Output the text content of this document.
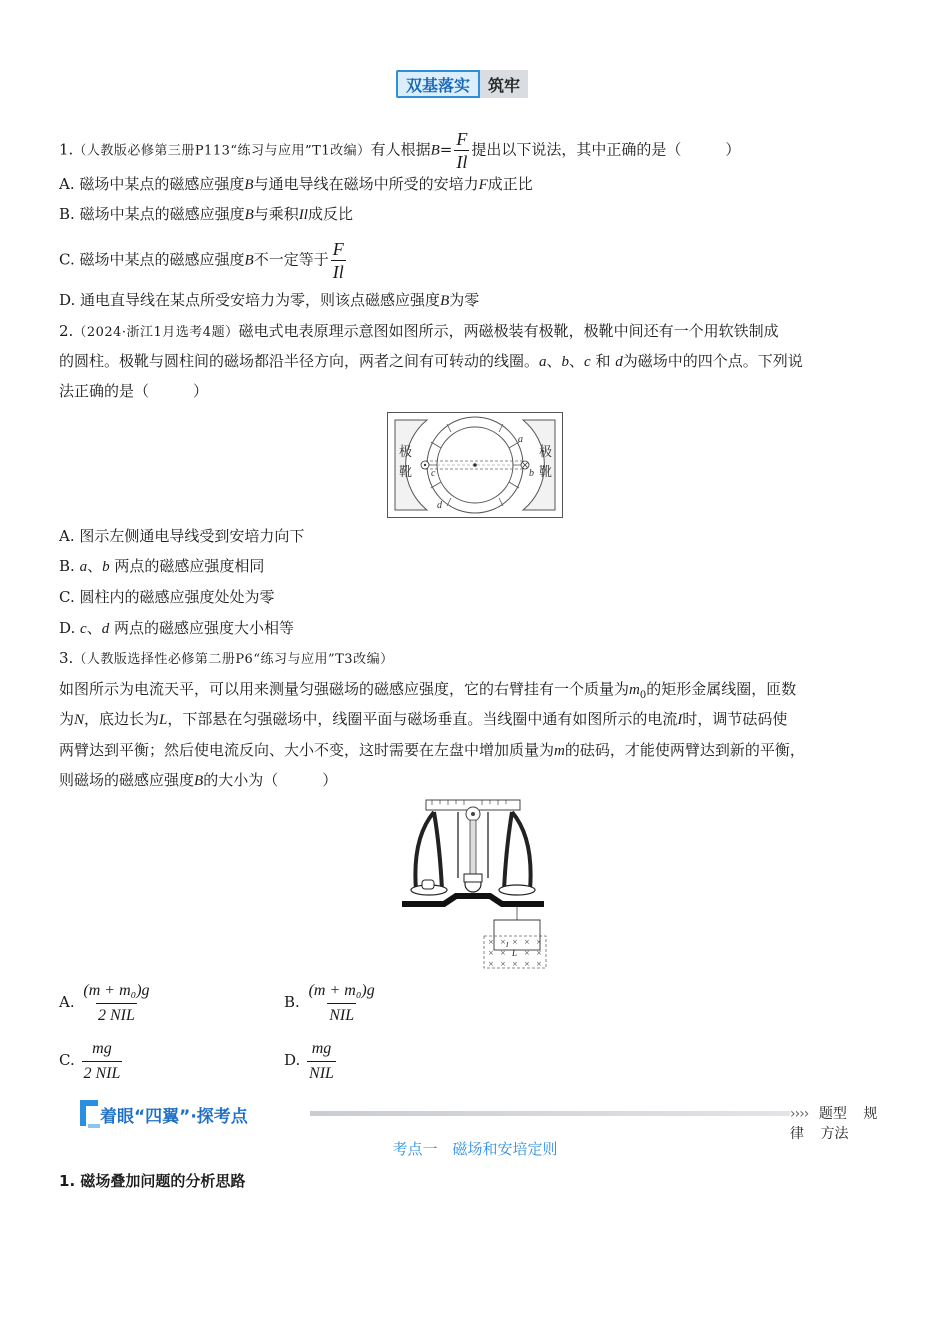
双基落实	筑牢
1.（人教版必修第三册P113“练习与应用”T1改编）有人根据$B= \frac{F}{Il}$ 提出以下说法，其中正确的是（	）
A. 磁场中某点的磁感应强度B与通电导线在磁场中所受的安培力F成正比
B. 磁场中某点的磁感应强度B与乘积Il成反比
C. 磁场中某点的磁感应强度B不一定等于 $\frac{F}{Il}$
D. 通电直导线在某点所受安培力为零，则该点磁感应强度B为零
2.（2024·浙江1月选考4题）磁电式电表原理示意图如图所示，两磁极装有极靴，极靴中间还有一个用软铁制成
的圆柱。极靴与圆柱间的磁场都沿半径方向，两者之间有可转动的线圈。a、b、c 和 d为磁场中的四个点。下列说
法正确的是（	）
极
靴
极
靴
a
b
c
d
A. 图示左侧通电导线受到安培力向下
B. a、b 两点的磁感应强度相同
C. 圆柱内的磁感应强度处处为零
D. c、d 两点的磁感应强度大小相等
3.（人教版选择性必修第二册P6“练习与应用”T3改编）
如图所示为电流天平，可以用来测量匀强磁场的磁感应强度，它的右臂挂有一个质量为$m_0$的矩形金属线圈，匝数
为N，底边长为L，下部悬在匀强磁场中，线圈平面与磁场垂直。当线圈中通有如图所示的电流I时，调节砝码使
两臂达到平衡；然后使电流反向、大小不变，这时需要在左盘中增加质量为m的砝码，才能使两臂达到新的平衡，
则磁场的磁感应强度B的大小为（	）
× × × × ×
× ×	× ×
× × × × ×
L
I
A. $\frac{\text{(m + m₀)g}}{\text{2 NIL}}$	B. $\frac{\text{(m + m₀)g}}{\text{NIL}}$
C. $\frac{mg}{\text{2 NIL}}$	D. $\frac{mg}{\text{NIL}}$
着眼“四翼”·探考点	›››› 题型 规律 方法
考点一　磁场和安培定则
1. 磁场叠加问题的分析思路
